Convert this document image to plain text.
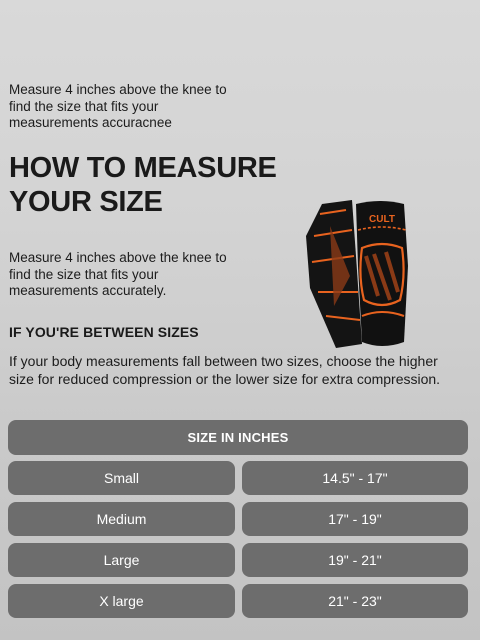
Measure 4 inches above the knee to find the size that fits your measurements accuracnee
HOW TO MEASURE
YOUR SIZE
Measure 4 inches above the knee to find the size that fits your measurements accurately.
CULT
IF YOU'RE BETWEEN SIZES
If your body measurements fall between two sizes, choose the higher size for reduced compression or the lower size for extra compression.
SIZE IN INCHES
Small	14.5" - 17"
Medium	17" - 19"
Large	19" - 21"
X large	21" - 23"
